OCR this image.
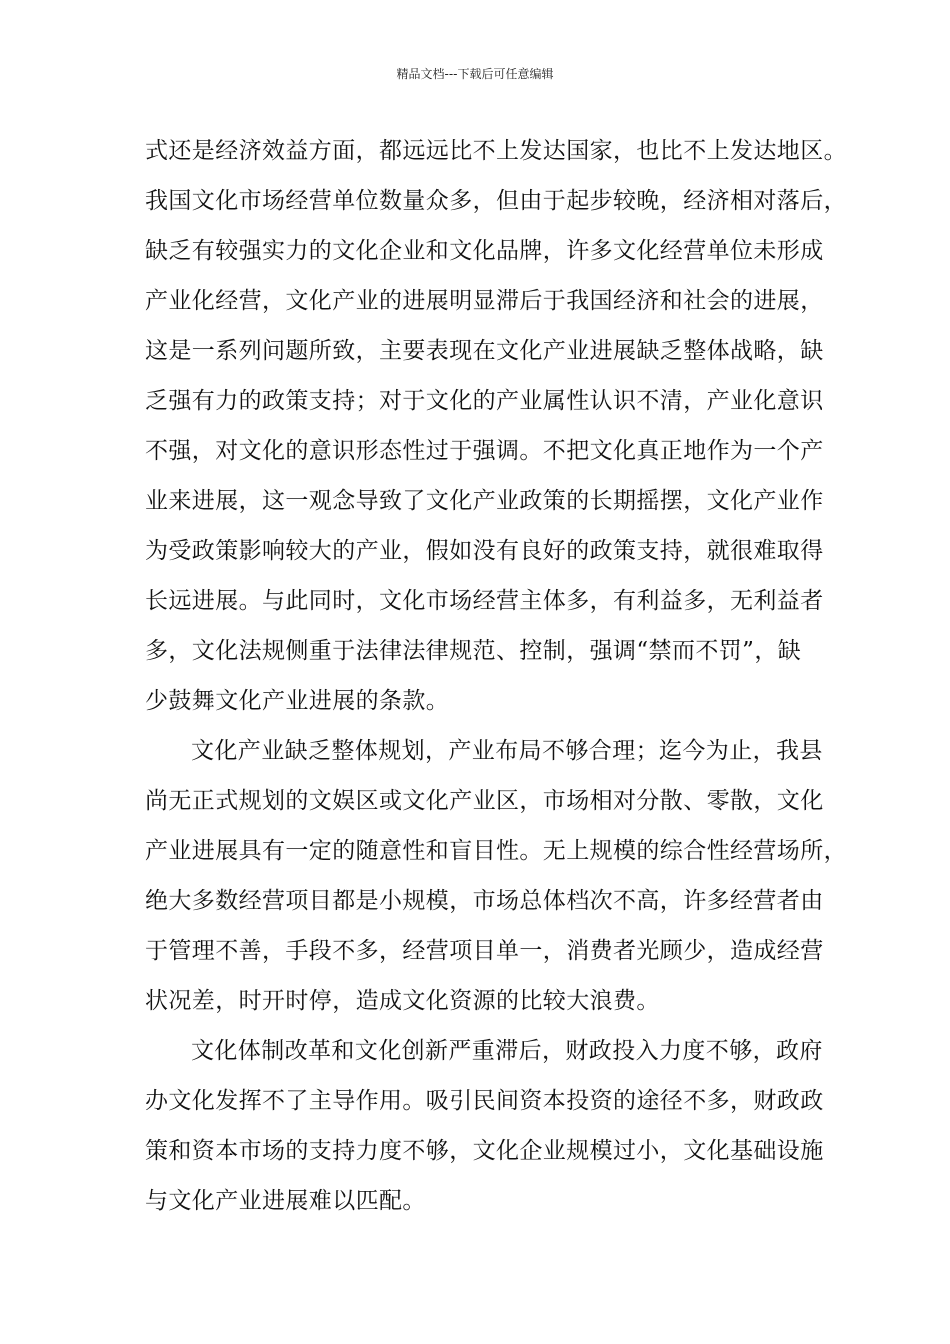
精品文档---下载后可任意编辑
式还是经济效益方面，都远远比不上发达国家，也比不上发达地区。
我国文化市场经营单位数量众多，但由于起步较晚，经济相对落后，
缺乏有较强实力的文化企业和文化品牌，许多文化经营单位未形成
产业化经营，文化产业的进展明显滞后于我国经济和社会的进展，
这是一系列问题所致，主要表现在文化产业进展缺乏整体战略，缺
乏强有力的政策支持；对于文化的产业属性认识不清，产业化意识
不强，对文化的意识形态性过于强调。不把文化真正地作为一个产
业来进展，这一观念导致了文化产业政策的长期摇摆，文化产业作
为受政策影响较大的产业，假如没有良好的政策支持，就很难取得
长远进展。与此同时，文化市场经营主体多，有利益多，无利益者
多，文化法规侧重于法律法律规范、控制，强调“禁而不罚”，缺
少鼓舞文化产业进展的条款。
文化产业缺乏整体规划，产业布局不够合理；迄今为止，我县
尚无正式规划的文娱区或文化产业区，市场相对分散、零散，文化
产业进展具有一定的随意性和盲目性。无上规模的综合性经营场所，
绝大多数经营项目都是小规模，市场总体档次不高，许多经营者由
于管理不善，手段不多，经营项目单一，消费者光顾少，造成经营
状况差，时开时停，造成文化资源的比较大浪费。
文化体制改革和文化创新严重滞后，财政投入力度不够，政府
办文化发挥不了主导作用。吸引民间资本投资的途径不多，财政政
策和资本市场的支持力度不够，文化企业规模过小，文化基础设施
与文化产业进展难以匹配。
